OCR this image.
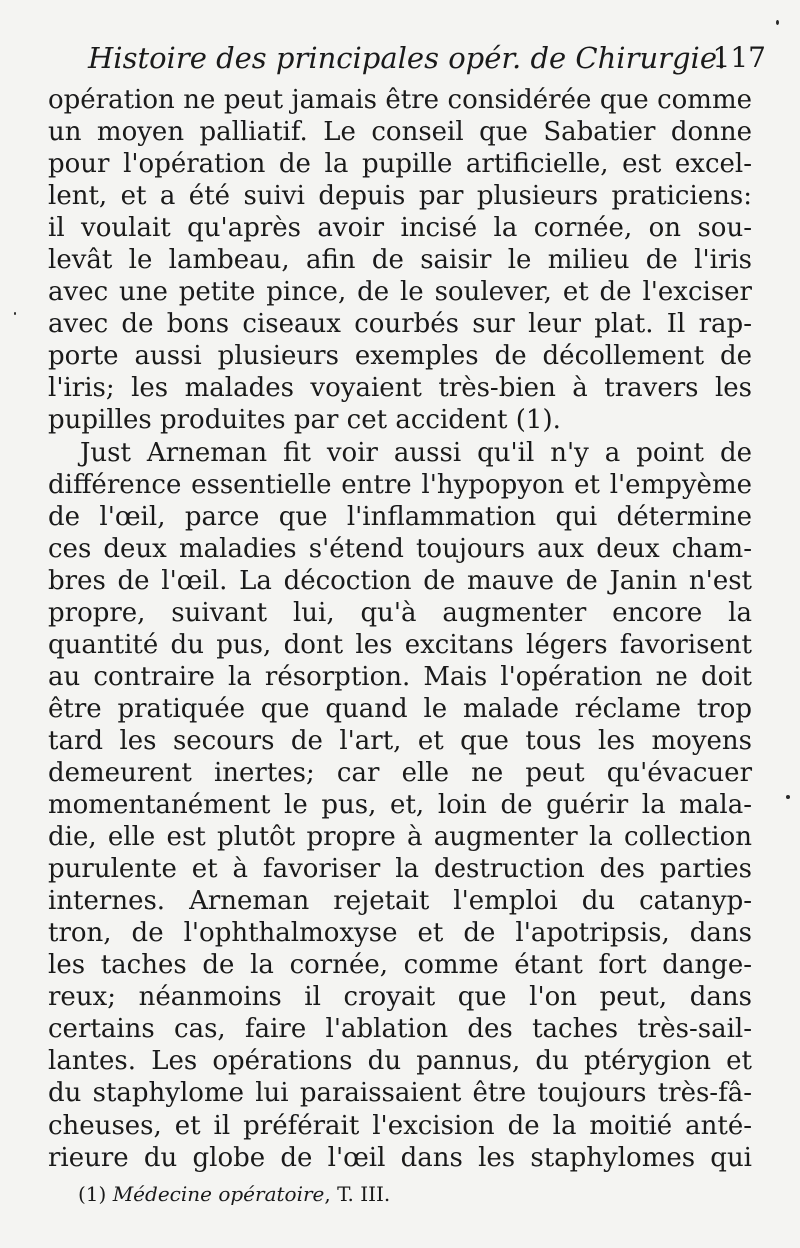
Histoire des principales opér. de Chirurgie.
117
opération ne peut jamais être considérée que comme
un moyen palliatif. Le conseil que Sabatier donne
pour l'opération de la pupille artificielle, est excel-
lent, et a été suivi depuis par plusieurs praticiens:
il voulait qu'après avoir incisé la cornée, on sou-
levât le lambeau, afin de saisir le milieu de l'iris
avec une petite pince, de le soulever, et de l'exciser
avec de bons ciseaux courbés sur leur plat. Il rap-
porte aussi plusieurs exemples de décollement de
l'iris; les malades voyaient très-bien à travers les
pupilles produites par cet accident (1).
Just Arneman fit voir aussi qu'il n'y a point de
différence essentielle entre l'hypopyon et l'empyème
de l'œil, parce que l'inflammation qui détermine
ces deux maladies s'étend toujours aux deux cham-
bres de l'œil. La décoction de mauve de Janin n'est
propre, suivant lui, qu'à augmenter encore la
quantité du pus, dont les excitans légers favorisent
au contraire la résorption. Mais l'opération ne doit
être pratiquée que quand le malade réclame trop
tard les secours de l'art, et que tous les moyens
demeurent inertes; car elle ne peut qu'évacuer
momentanément le pus, et, loin de guérir la mala-
die, elle est plutôt propre à augmenter la collection
purulente et à favoriser la destruction des parties
internes. Arneman rejetait l'emploi du catanyp-
tron, de l'ophthalmoxyse et de l'apotripsis, dans
les taches de la cornée, comme étant fort dange-
reux; néanmoins il croyait que l'on peut, dans
certains cas, faire l'ablation des taches très-sail-
lantes. Les opérations du pannus, du ptérygion et
du staphylome lui paraissaient être toujours très-fâ-
cheuses, et il préférait l'excision de la moitié anté-
rieure du globe de l'œil dans les staphylomes qui
(1) Médecine opératoire, T. III.
